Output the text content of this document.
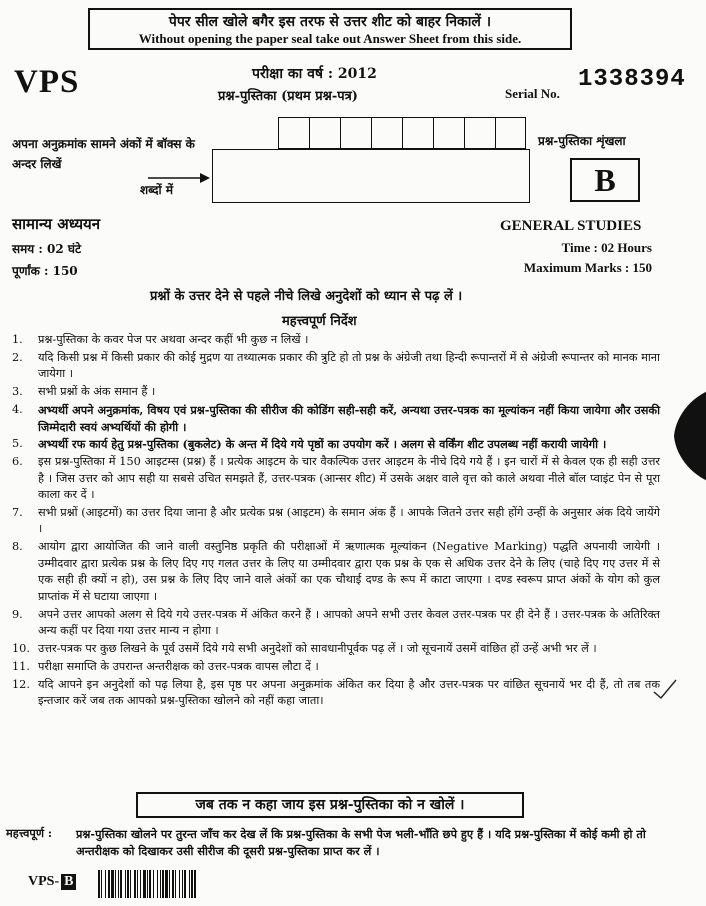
पेपर सील खोले बगैर इस तरफ से उत्तर शीट को बाहर निकालें ।
Without opening the paper seal take out Answer Sheet from this side.
VPS	परीक्षा का वर्ष : 2012
प्रश्न-पुस्तिका (प्रथम प्रश्न-पत्र)	Serial No.
1338394
अपना अनुक्रमांक सामने अंकों में बॉक्स के अन्दर लिखें
शब्दों में
प्रश्न-पुस्तिका शृंखला
B
सामान्य अध्ययन	GENERAL STUDIES
समय : 02 घंटे
पूर्णांक : 150
Time : 02 Hours
Maximum Marks : 150
प्रश्नों के उत्तर देने से पहले नीचे लिखे अनुदेशों को ध्यान से पढ़ लें ।
महत्त्वपूर्ण निर्देश
1.	प्रश्न-पुस्तिका के कवर पेज पर अथवा अन्दर कहीं भी कुछ न लिखें ।
2.	यदि किसी प्रश्न में किसी प्रकार की कोई मुद्रण या तथ्यात्मक प्रकार की त्रुटि हो तो प्रश्न के अंग्रेजी तथा हिन्दी रूपान्तरों में से अंग्रेजी रूपान्तर को मानक माना जायेगा ।
3.	सभी प्रश्नों के अंक समान हैं ।
4.	अभ्यर्थी अपने अनुक्रमांक, विषय एवं प्रश्न-पुस्तिका की सीरीज की कोडिंग सही-सही करें, अन्यथा उत्तर-पत्रक का मूल्यांकन नहीं किया जायेगा और उसकी जिम्मेदारी स्वयं अभ्यर्थियों की होगी ।
5.	अभ्यर्थी रफ कार्य हेतु प्रश्न-पुस्तिका (बुकलेट) के अन्त में दिये गये पृष्ठों का उपयोग करें । अलग से वर्किंग शीट उपलब्ध नहीं करायी जायेगी ।
6.	इस प्रश्न-पुस्तिका में 150 आइटम्स (प्रश्न) हैं । प्रत्येक आइटम के चार वैकल्पिक उत्तर आइटम के नीचे दिये गये हैं । इन चारों में से केवल एक ही सही उत्तर है । जिस उत्तर को आप सही या सबसे उचित समझते हैं, उत्तर-पत्रक (आन्सर शीट) में उसके अक्षर वाले वृत्त को काले अथवा नीले बॉल प्वाइंट पेन से पूरा काला कर दें ।
7.	सभी प्रश्नों (आइटमों) का उत्तर दिया जाना है और प्रत्येक प्रश्न (आइटम) के समान अंक हैं । आपके जितने उत्तर सही होंगे उन्हीं के अनुसार अंक दिये जायेंगे ।
8.	आयोग द्वारा आयोजित की जाने वाली वस्तुनिष्ठ प्रकृति की परीक्षाओं में ऋणात्मक मूल्यांकन (Negative Marking) पद्धति अपनायी जायेगी । उम्मीदवार द्वारा प्रत्येक प्रश्न के लिए दिए गए गलत उत्तर के लिए या उम्मीदवार द्वारा एक प्रश्न के एक से अधिक उत्तर देने के लिए (चाहे दिए गए उत्तर में से एक सही ही क्यों न हो), उस प्रश्न के लिए दिए जाने वाले अंकों का एक चौथाई दण्ड के रूप में काटा जाएगा । दण्ड स्वरूप प्राप्त अंकों के योग को कुल प्राप्तांक में से घटाया जाएगा ।
9.	अपने उत्तर आपको अलग से दिये गये उत्तर-पत्रक में अंकित करने हैं । आपको अपने सभी उत्तर केवल उत्तर-पत्रक पर ही देने हैं । उत्तर-पत्रक के अतिरिक्त अन्य कहीं पर दिया गया उत्तर मान्य न होगा ।
10. उत्तर-पत्रक पर कुछ लिखने के पूर्व उसमें दिये गये सभी अनुदेशों को सावधानीपूर्वक पढ़ लें । जो सूचनायें उसमें वांछित हों उन्हें अभी भर लें ।
11. परीक्षा समाप्ति के उपरान्त अन्तरीक्षक को उत्तर-पत्रक वापस लौटा दें ।
12. यदि आपने इन अनुदेशों को पढ़ लिया है, इस पृष्ठ पर अपना अनुक्रमांक अंकित कर दिया है और उत्तर-पत्रक पर वांछित सूचनायें भर दी हैं, तो तब तक इन्तजार करें जब तक आपको प्रश्न-पुस्तिका खोलने को नहीं कहा जाता।
जब तक न कहा जाय इस प्रश्न-पुस्तिका को न खोलें ।
महत्त्वपूर्ण : प्रश्न-पुस्तिका खोलने पर तुरन्त जाँच कर देख लें कि प्रश्न-पुस्तिका के सभी पेज भली-भाँति छपे हुए हैं । यदि प्रश्न-पुस्तिका में कोई कमी हो तो अन्तरीक्षक को दिखाकर उसी सीरीज की दूसरी प्रश्न-पुस्तिका प्राप्त कर लें ।
VPS- B
